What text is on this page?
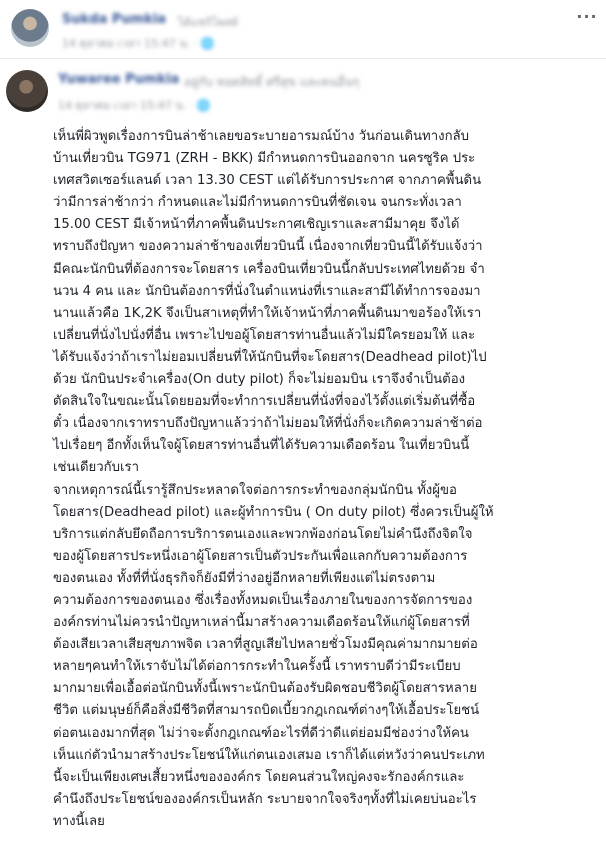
Sukda Pumkia ได้แชร์โพสต์
14 ตุลาคม เวลา 15:47 น. · 🌐
···
Yuwaree Pumkia อยู่กับ ทอดสิทธิ์ ศรีสุข และคนอื่นๆ
14 ตุลาคม เวลา 15:47 น. · 🌐

เห็นพี่ผิวพูดเรื่องการบินล่าช้าเลยขอระบายอารมณ์บ้าง วันก่อนเดินทางกลับ
บ้านเที่ยวบิน TG971 (ZRH - BKK) มีกำหนดการบินออกจาก นครซูริค ประ
เทศสวิตเซอร์แลนด์ เวลา 13.30 CEST แต่ได้รับการประกาศ จากภาคพื้นดิน
ว่ามีการล่าช้ากว่า กำหนดและไม่มีกำหนดการบินที่ชัดเจน จนกระทั่งเวลา
15.00 CEST มีเจ้าหน้าที่ภาคพื้นดินประกาศเชิญเราและสามีมาคุย จึงได้
ทราบถึงปัญหา ของความล่าช้าของเที่ยวบินนี้ เนื่องจากเที่ยวบินนี้ได้รับแจ้งว่า
มีคณะนักบินที่ต้องการจะโดยสาร เครื่องบินเที่ยวบินนี้กลับประเทศไทยด้วย จำ
นวน 4 คน และ นักบินต้องการที่นั่งในตำแหน่งที่เราและสามีได้ทำการจองมา
นานแล้วคือ 1K,2K จึงเป็นสาเหตุที่ทำให้เจ้าหน้าที่ภาคพื้นดินมาขอร้องให้เรา
เปลี่ยนที่นั่งไปนั่งที่อื่น เพราะไปขอผู้โดยสารท่านอื่นแล้วไม่มีใครยอมให้ และ
ได้รับแจ้งว่าถ้าเราไม่ยอมเปลี่ยนที่ให้นักบินที่จะโดยสาร(Deadhead pilot)ไป
ด้วย นักบินประจำเครื่อง(On duty pilot) ก็จะไม่ยอมบิน เราจึงจำเป็นต้อง
ตัดสินใจในขณะนั้นโดยยอมที่จะทำการเปลี่ยนที่นั่งที่จองไว้ตั้งแต่เริ่มต้นที่ซื้อ
ตั๋ว เนื่องจากเราทราบถึงปัญหาแล้วว่าถ้าไม่ยอมให้ที่นั่งก็จะเกิดความล่าช้าต่อ
ไปเรื่อยๆ อีกทั้งเห็นใจผู้โดยสารท่านอื่นที่ได้รับความเดือดร้อน ในเที่ยวบินนี้
เช่นเดียวกับเรา

จากเหตุการณ์นี้เรารู้สึกประหลาดใจต่อการกระทำของกลุ่มนักบิน ทั้งผู้ขอ
โดยสาร(Deadhead pilot) และผู้ทำการบิน ( On duty pilot) ซึ่งควรเป็นผู้ให้
บริการแต่กลับยึดถือการบริการตนเองและพวกพ้องก่อนโดยไม่คำนึงถึงจิตใจ
ของผู้โดยสารประหนึ่งเอาผู้โดยสารเป็นตัวประกันเพื่อแลกกับความต้องการ
ของตนเอง ทั้งที่ที่นั่งธุรกิจก็ยังมีที่ว่างอยู่อีกหลายที่เพียงแต่ไม่ตรงตาม
ความต้องการของตนเอง ซึ่งเรื่องทั้งหมดเป็นเรื่องภายในของการจัดการของ
องค์กรท่านไม่ควรนำปัญหาเหล่านี้มาสร้างความเดือดร้อนให้แก่ผู้โดยสารที่
ต้องเสียเวลาเสียสุขภาพจิต เวลาที่สูญเสียไปหลายชั่วโมงมีคุณค่ามากมายต่อ
หลายๆคนทำให้เราจับไม่ได้ต่อการกระทำในครั้งนี้ เราทราบดีว่ามีระเบียบ
มากมายเพื่อเอื้อต่อนักบินทั้งนี้เพราะนักบินต้องรับผิดชอบชีวิตผู้โดยสารหลาย
ชีวิต แต่มนุษย์ก็คือสิ่งมีชีวิตที่สามารถบิดเบี้ยวกฎเกณฑ์ต่างๆให้เอื้อประโยชน์
ต่อตนเองมากที่สุด ไม่ว่าจะตั้งกฎเกณฑ์อะไรที่ดีว่าดีแต่ย่อมมีช่องว่างให้คน
เห็นแก่ตัวนำมาสร้างประโยชน์ให้แก่ตนเองเสมอ เราก็ได้แต่หวังว่าคนประเภท
นี้จะเป็นเพียงเศษเสี้ยวหนึ่งขององค์กร โดยคนส่วนใหญ่คงจะรักองค์กรและ
คำนึงถึงประโยชน์ขององค์กรเป็นหลัก ระบายจากใจจริงๆทั้งที่ไม่เคยบ่นอะไร
ทางนี้เลย
